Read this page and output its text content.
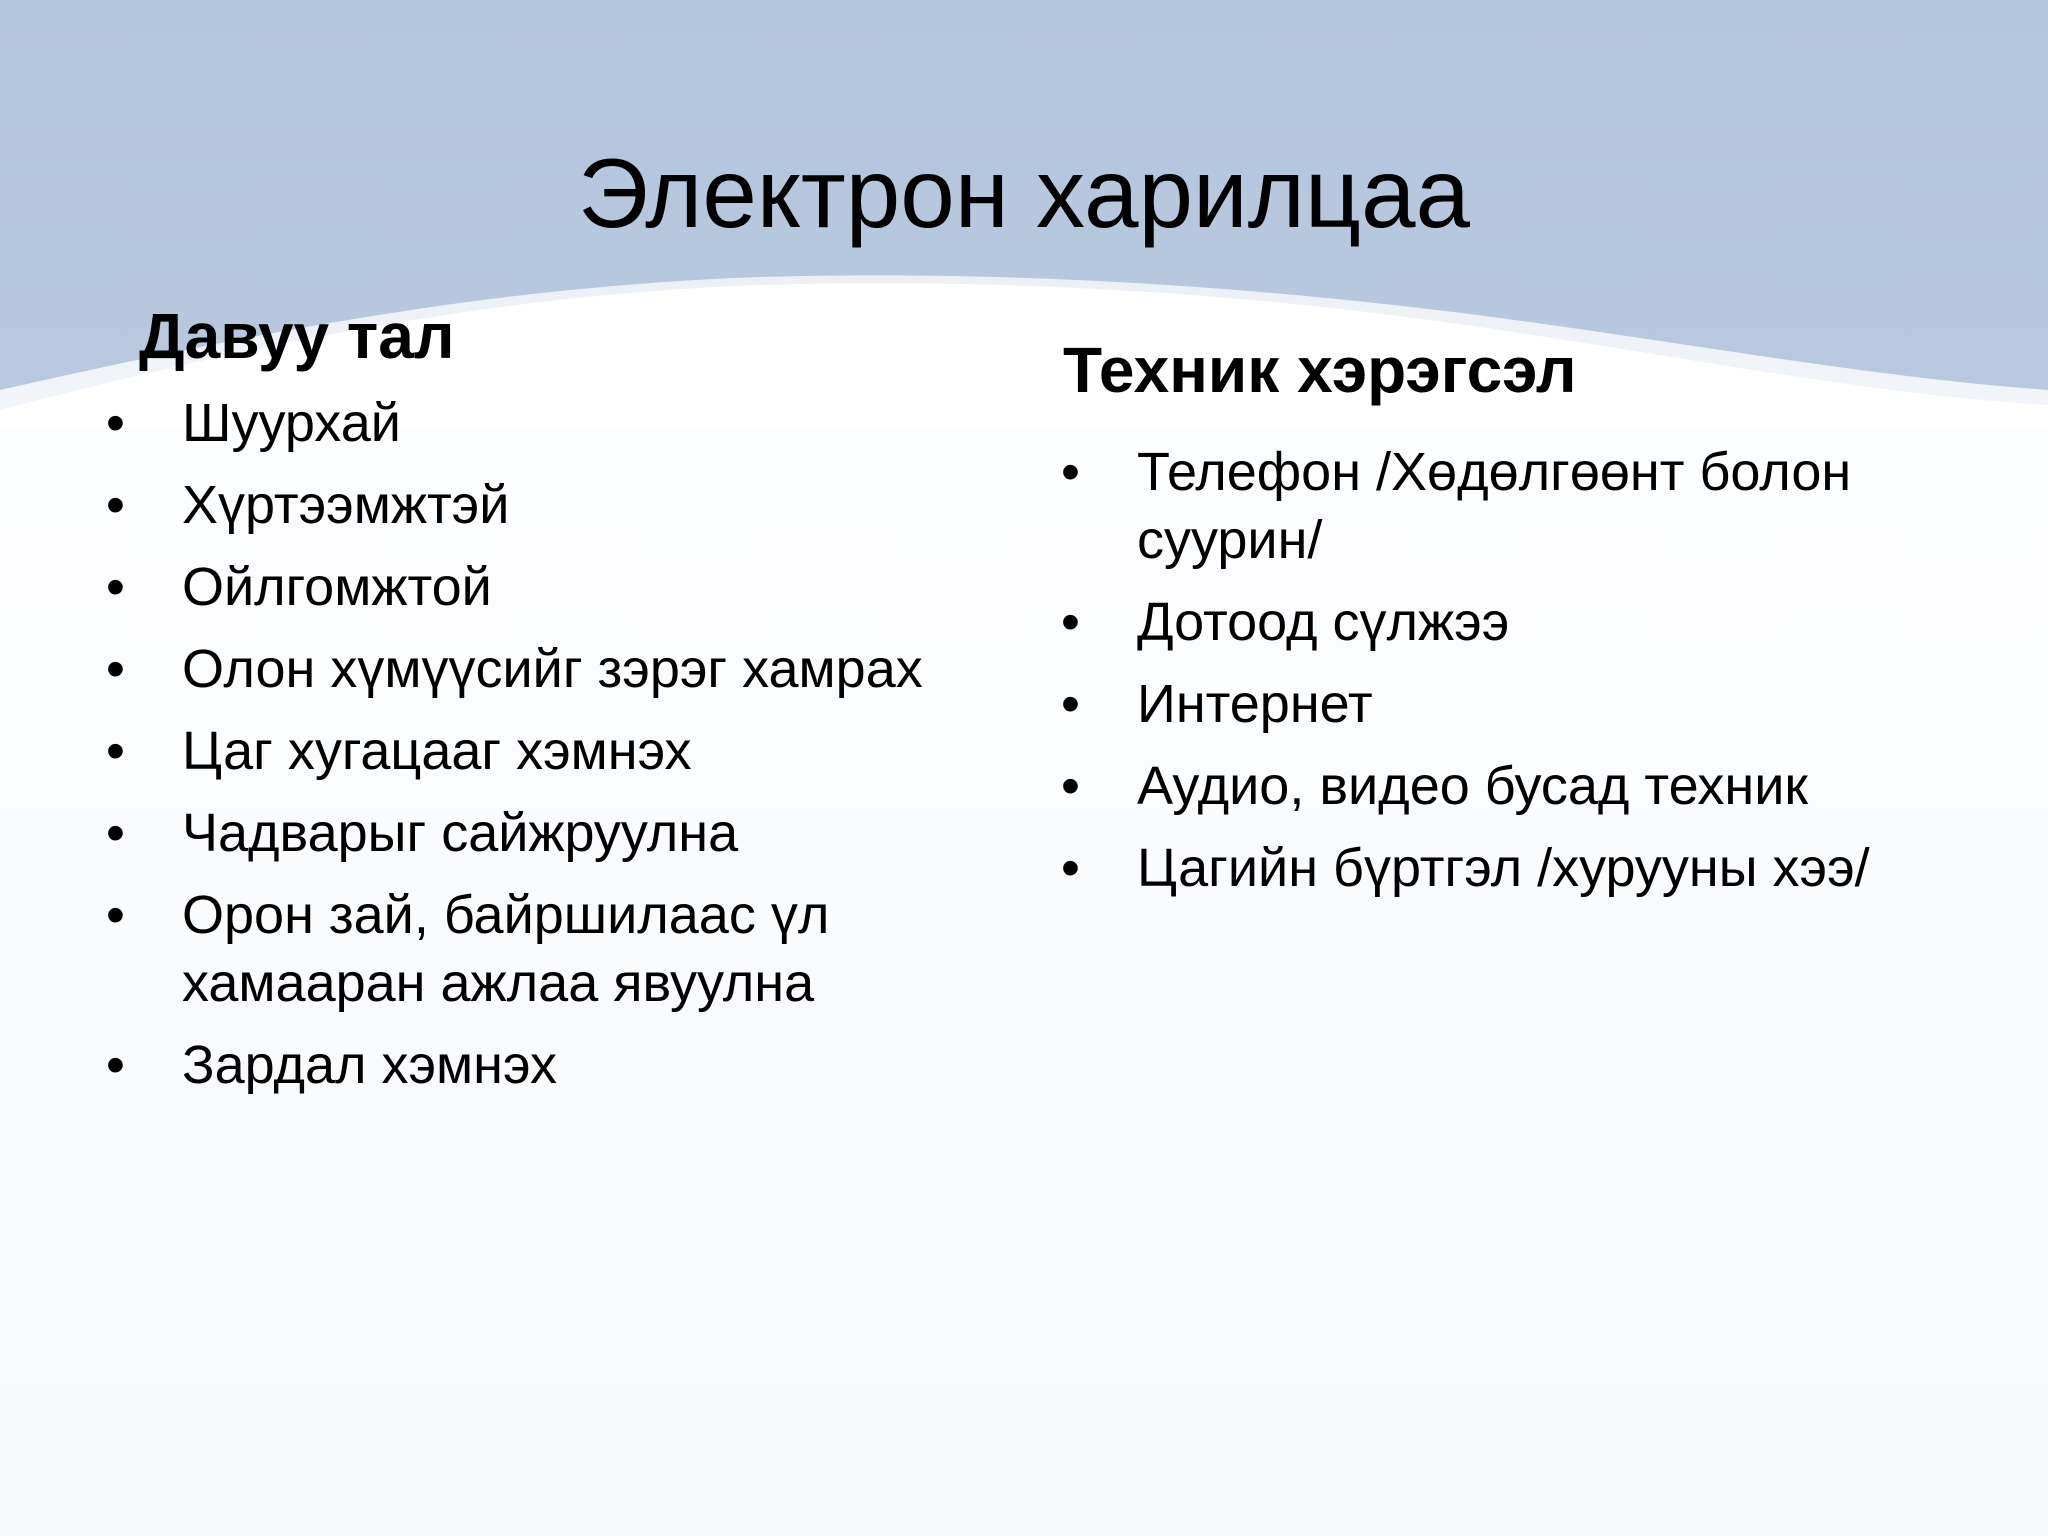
Электрон харилцаа
Давуу тал
•	Шуурхай
•	Хүртээмжтэй
•	Ойлгомжтой
•	Олон хүмүүсийг зэрэг хамрах
•	Цаг хугацааг хэмнэх
•	Чадварыг сайжруулна
•	Орон зай, байршилаас үл хамааран ажлаа явуулна
•	Зардал хэмнэх
Техник хэрэгсэл
•	Телефон /Хөдөлгөөнт болон суурин/
•	Дотоод сүлжээ
•	Интернет
•	Аудио, видео бусад техник
•	Цагийн бүртгэл /хурууны хээ/
